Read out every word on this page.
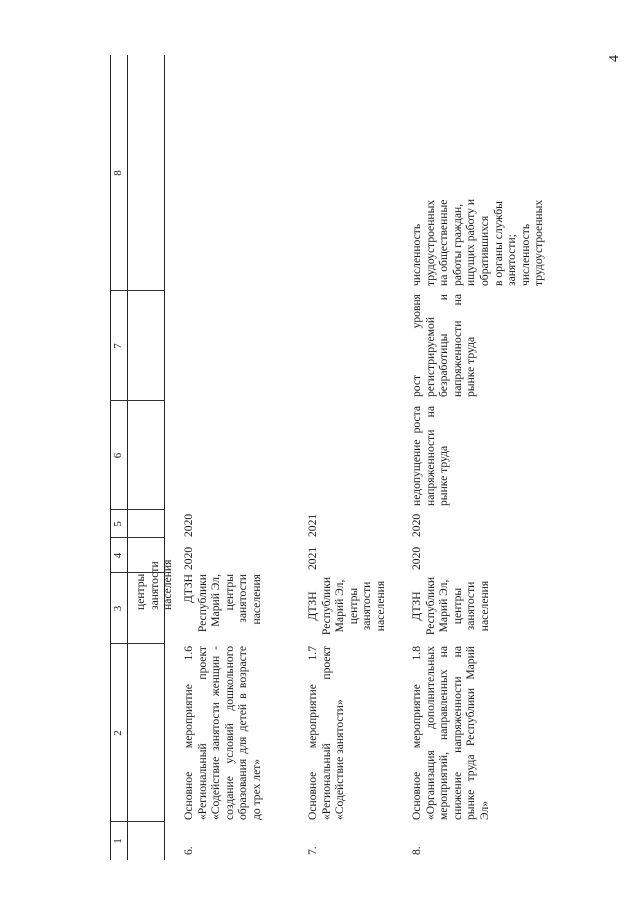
4
1
2
3
4
5
6
7
8
центры занятости населения
6.
Основное мероприятие 1.6 «Региональный проект «Содействие занятости женщин - создание условий дошкольного образования для детей в возрасте до трех лет»
ДТЗН Республики Марий Эл, центры занятости населения
2020
2020
7.
Основное мероприятие 1.7 «Региональный проект «Содействие занятости»
ДТЗН Республики Марий Эл, центры занятости населения
2021
2021
8.
Основное мероприятие 1.8 «Организация дополнительных мероприятий, направленных на снижение напряженности на рынке труда Республики Марий Эл»
ДТЗН Республики Марий Эл, центры занятости населения
2020
2020
недопущение роста напряженности на рынке труда
рост уровня регистрируемой безработицы и напряженности на рынке труда
численность трудоустроенных на общественные работы граждан, ищущих работу и обратившихся в органы службы занятости; численность трудоустроенных
